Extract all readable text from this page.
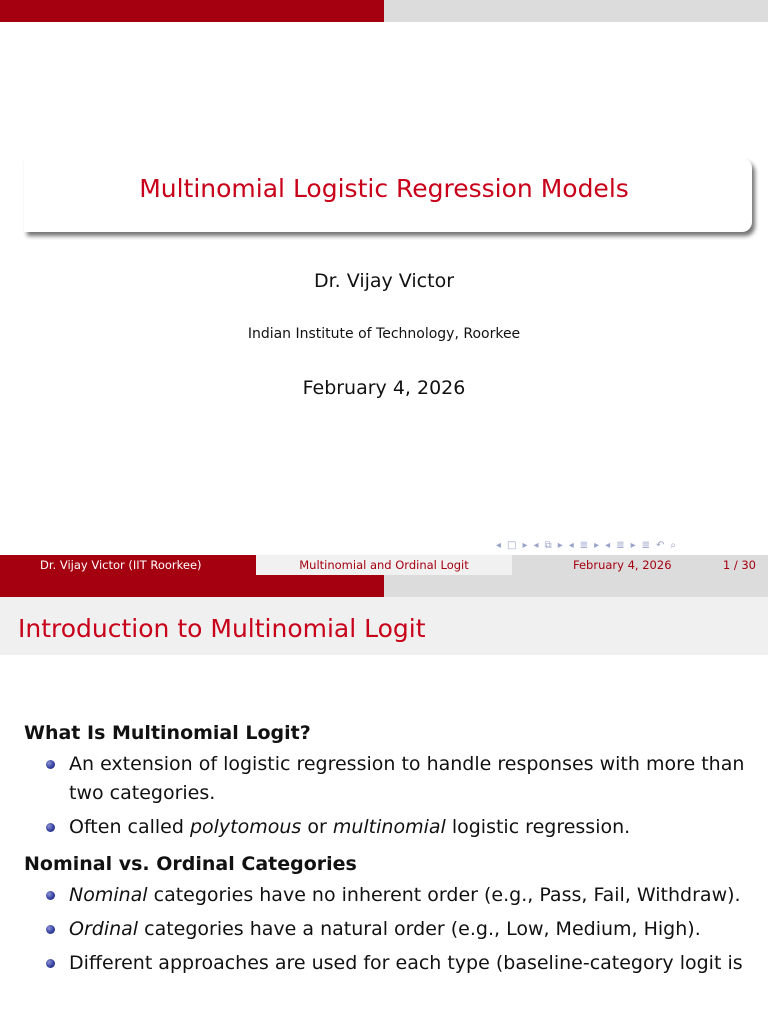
Multinomial Logistic Regression Models
Dr. Vijay Victor
Indian Institute of Technology, Roorkee
February 4, 2026
◂ □ ▸ ◂ ⧉ ▸ ◂ ≣ ▸ ◂ ≣ ▸ ≣ ↶ ⌕
Dr. Vijay Victor (IIT Roorkee)	Multinomial and Ordinal Logit	February 4, 2026	1 / 30
Introduction to Multinomial Logit
What Is Multinomial Logit?
An extension of logistic regression to handle responses with more than two categories.
Often called polytomous or multinomial logistic regression.
Nominal vs. Ordinal Categories
Nominal categories have no inherent order (e.g., Pass, Fail, Withdraw).
Ordinal categories have a natural order (e.g., Low, Medium, High).
Different approaches are used for each type (baseline-category logit is
